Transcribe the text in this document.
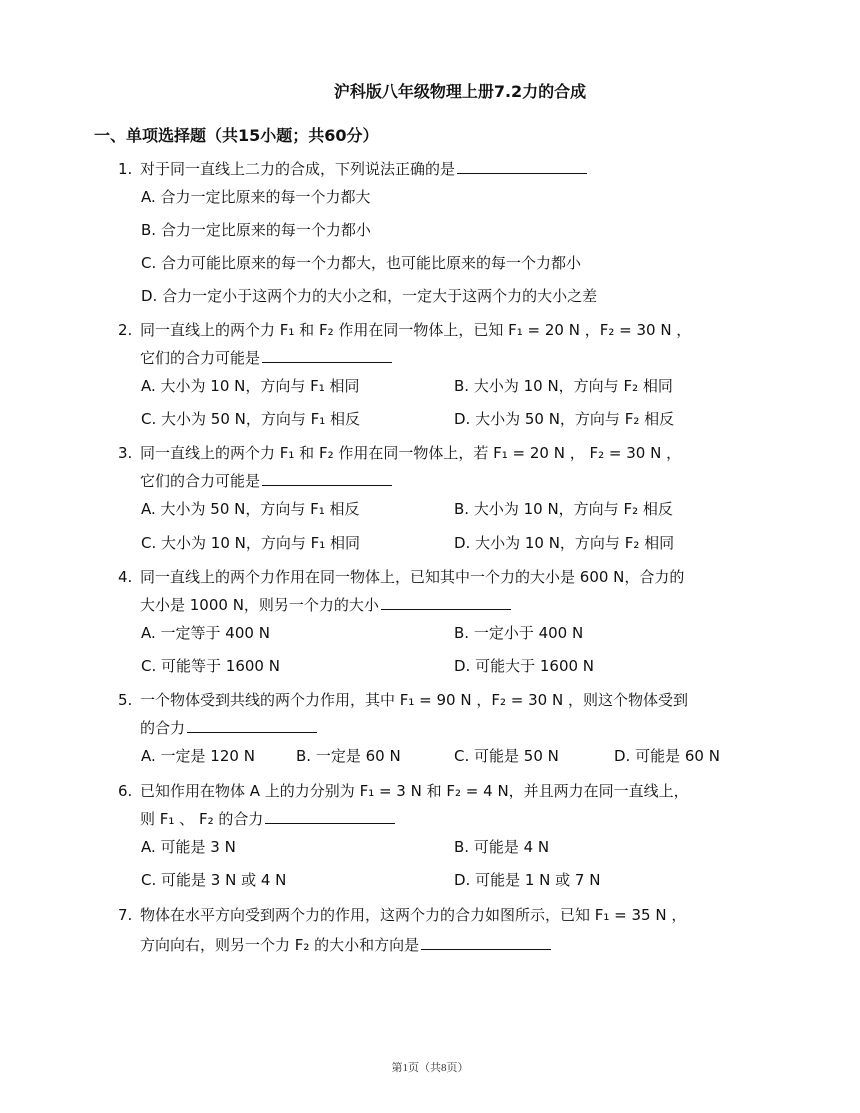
沪科版八年级物理上册7.2力的合成
一、单项选择题（共15小题；共60分）
1. 对于同一直线上二力的合成，下列说法正确的是
A. 合力一定比原来的每一个力都大
B. 合力一定比原来的每一个力都小
C. 合力可能比原来的每一个力都大，也可能比原来的每一个力都小
D. 合力一定小于这两个力的大小之和，一定大于这两个力的大小之差
2. 同一直线上的两个力 F₁ 和 F₂ 作用在同一物体上，已知 F₁ = 20 N ，F₂ = 30 N ，
它们的合力可能是
A. 大小为 10 N，方向与 F₁ 相同	B. 大小为 10 N，方向与 F₂ 相同
C. 大小为 50 N，方向与 F₁ 相反	D. 大小为 50 N，方向与 F₂ 相反
3. 同一直线上的两个力 F₁ 和 F₂ 作用在同一物体上，若 F₁ = 20 N ， F₂ = 30 N ，
它们的合力可能是
A. 大小为 50 N，方向与 F₁ 相反	B. 大小为 10 N，方向与 F₂ 相反
C. 大小为 10 N，方向与 F₁ 相同	D. 大小为 10 N，方向与 F₂ 相同
4. 同一直线上的两个力作用在同一物体上，已知其中一个力的大小是 600 N，合力的
大小是 1000 N，则另一个力的大小
A. 一定等于 400 N	B. 一定小于 400 N
C. 可能等于 1600 N	D. 可能大于 1600 N
5. 一个物体受到共线的两个力作用，其中 F₁ = 90 N ，F₂ = 30 N ，则这个物体受到
的合力
A. 一定是 120 N	B. 一定是 60 N	C. 可能是 50 N	D. 可能是 60 N
6. 已知作用在物体 A 上的力分别为 F₁ = 3 N 和 F₂ = 4 N，并且两力在同一直线上，
则 F₁ 、 F₂ 的合力
A. 可能是 3 N	B. 可能是 4 N
C. 可能是 3 N 或 4 N	D. 可能是 1 N 或 7 N
7. 物体在水平方向受到两个力的作用，这两个力的合力如图所示，已知 F₁ = 35 N ，
方向向右，则另一个力 F₂ 的大小和方向是
第1页（共8页）
